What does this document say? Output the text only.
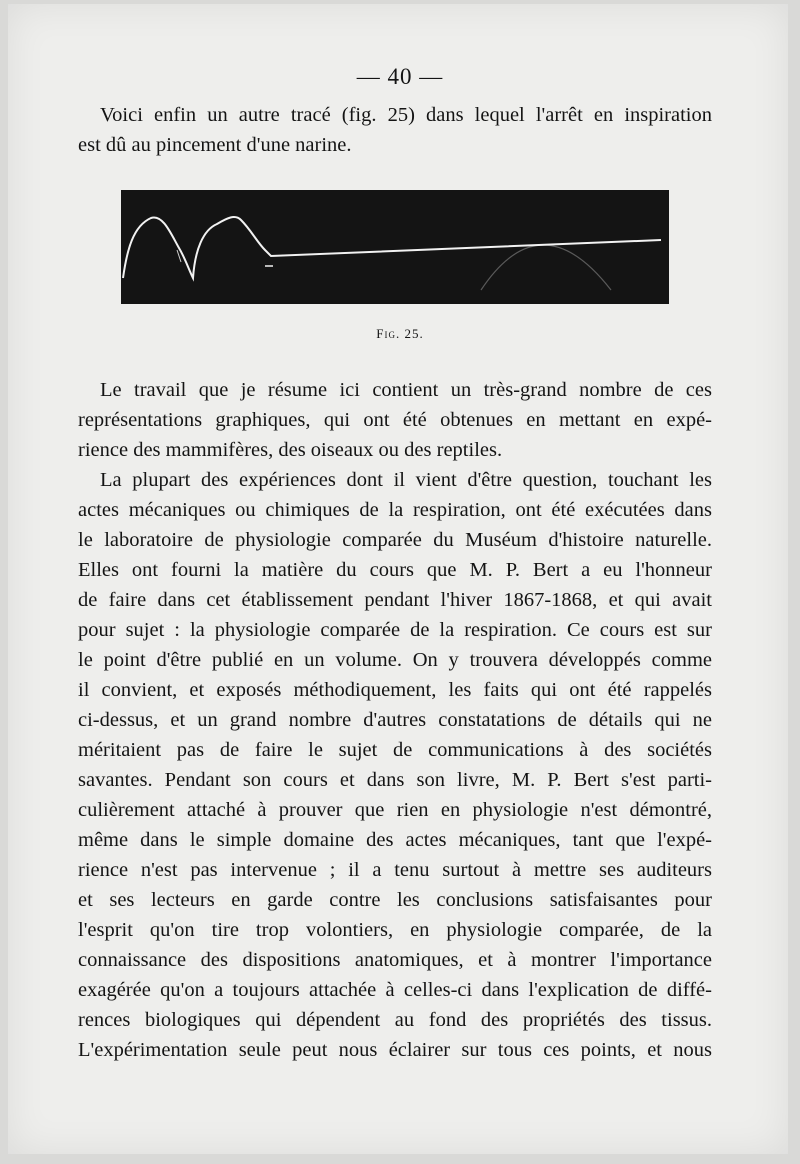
— 40 —
Voici enfin un autre tracé (fig. 25) dans lequel l'arrêt en inspiration
est dû au pincement d'une narine.
Fig. 25.
Le travail que je résume ici contient un très-grand nombre de ces
représentations graphiques, qui ont été obtenues en mettant en expé-
rience des mammifères, des oiseaux ou des reptiles.
La plupart des expériences dont il vient d'être question, touchant les
actes mécaniques ou chimiques de la respiration, ont été exécutées dans
le laboratoire de physiologie comparée du Muséum d'histoire naturelle.
Elles ont fourni la matière du cours que M. P. Bert a eu l'honneur
de faire dans cet établissement pendant l'hiver 1867-1868, et qui avait
pour sujet : la physiologie comparée de la respiration. Ce cours est sur
le point d'être publié en un volume. On y trouvera développés comme
il convient, et exposés méthodiquement, les faits qui ont été rappelés
ci-dessus, et un grand nombre d'autres constatations de détails qui ne
méritaient pas de faire le sujet de communications à des sociétés
savantes. Pendant son cours et dans son livre, M. P. Bert s'est parti-
culièrement attaché à prouver que rien en physiologie n'est démontré,
même dans le simple domaine des actes mécaniques, tant que l'expé-
rience n'est pas intervenue ; il a tenu surtout à mettre ses auditeurs
et ses lecteurs en garde contre les conclusions satisfaisantes pour
l'esprit qu'on tire trop volontiers, en physiologie comparée, de la
connaissance des dispositions anatomiques, et à montrer l'importance
exagérée qu'on a toujours attachée à celles-ci dans l'explication de diffé-
rences biologiques qui dépendent au fond des propriétés des tissus.
L'expérimentation seule peut nous éclairer sur tous ces points, et nous
